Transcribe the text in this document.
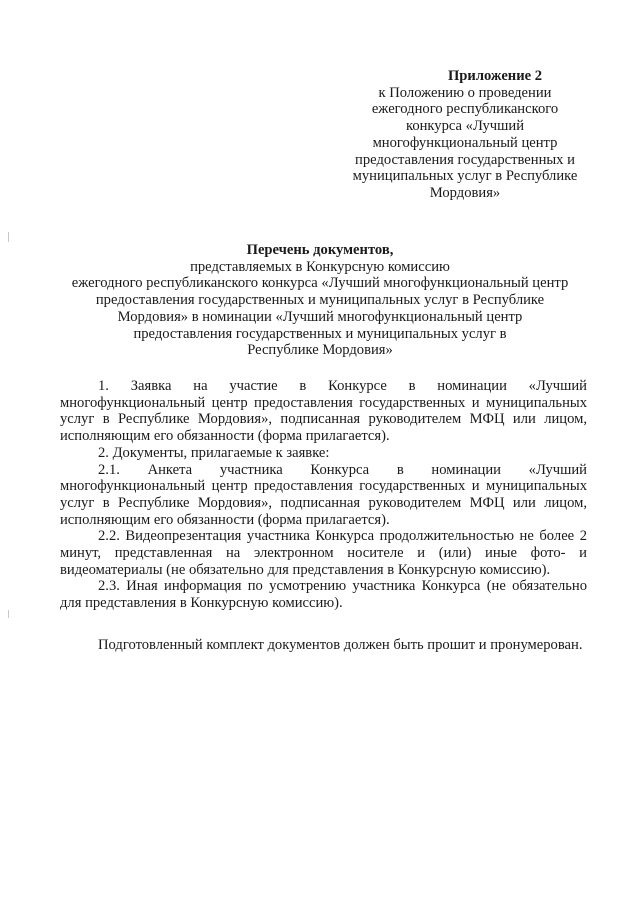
Приложение 2
к Положению о проведении
ежегодного республиканского
конкурса «Лучший
многофункциональный центр
предоставления государственных и
муниципальных услуг в Республике
Мордовия»
Перечень документов,
представляемых в Конкурсную комиссию
ежегодного республиканского конкурса «Лучший многофункциональный центр
предоставления государственных и муниципальных услуг в Республике
Мордовия» в номинации «Лучший многофункциональный центр
предоставления государственных и муниципальных услуг в
Республике Мордовия»

1. Заявка на участие в Конкурсе в номинации «Лучший многофункциональный центр предоставления государственных и муниципальных услуг в Республике Мордовия», подписанная руководителем МФЦ или лицом, исполняющим его обязанности (форма прилагается).

2. Документы, прилагаемые к заявке:

2.1. Анкета участника Конкурса в номинации «Лучший многофункциональный центр предоставления государственных и муниципальных услуг в Республике Мордовия», подписанная руководителем МФЦ или лицом, исполняющим его обязанности (форма прилагается).

2.2. Видеопрезентация участника Конкурса продолжительностью не более 2 минут, представленная на электронном носителе и (или) иные фото- и видеоматериалы (не обязательно для представления в Конкурсную комиссию).

2.3. Иная информация по усмотрению участника Конкурса (не обязательно для представления в Конкурсную комиссию).

Подготовленный комплект документов должен быть прошит и пронумерован.
